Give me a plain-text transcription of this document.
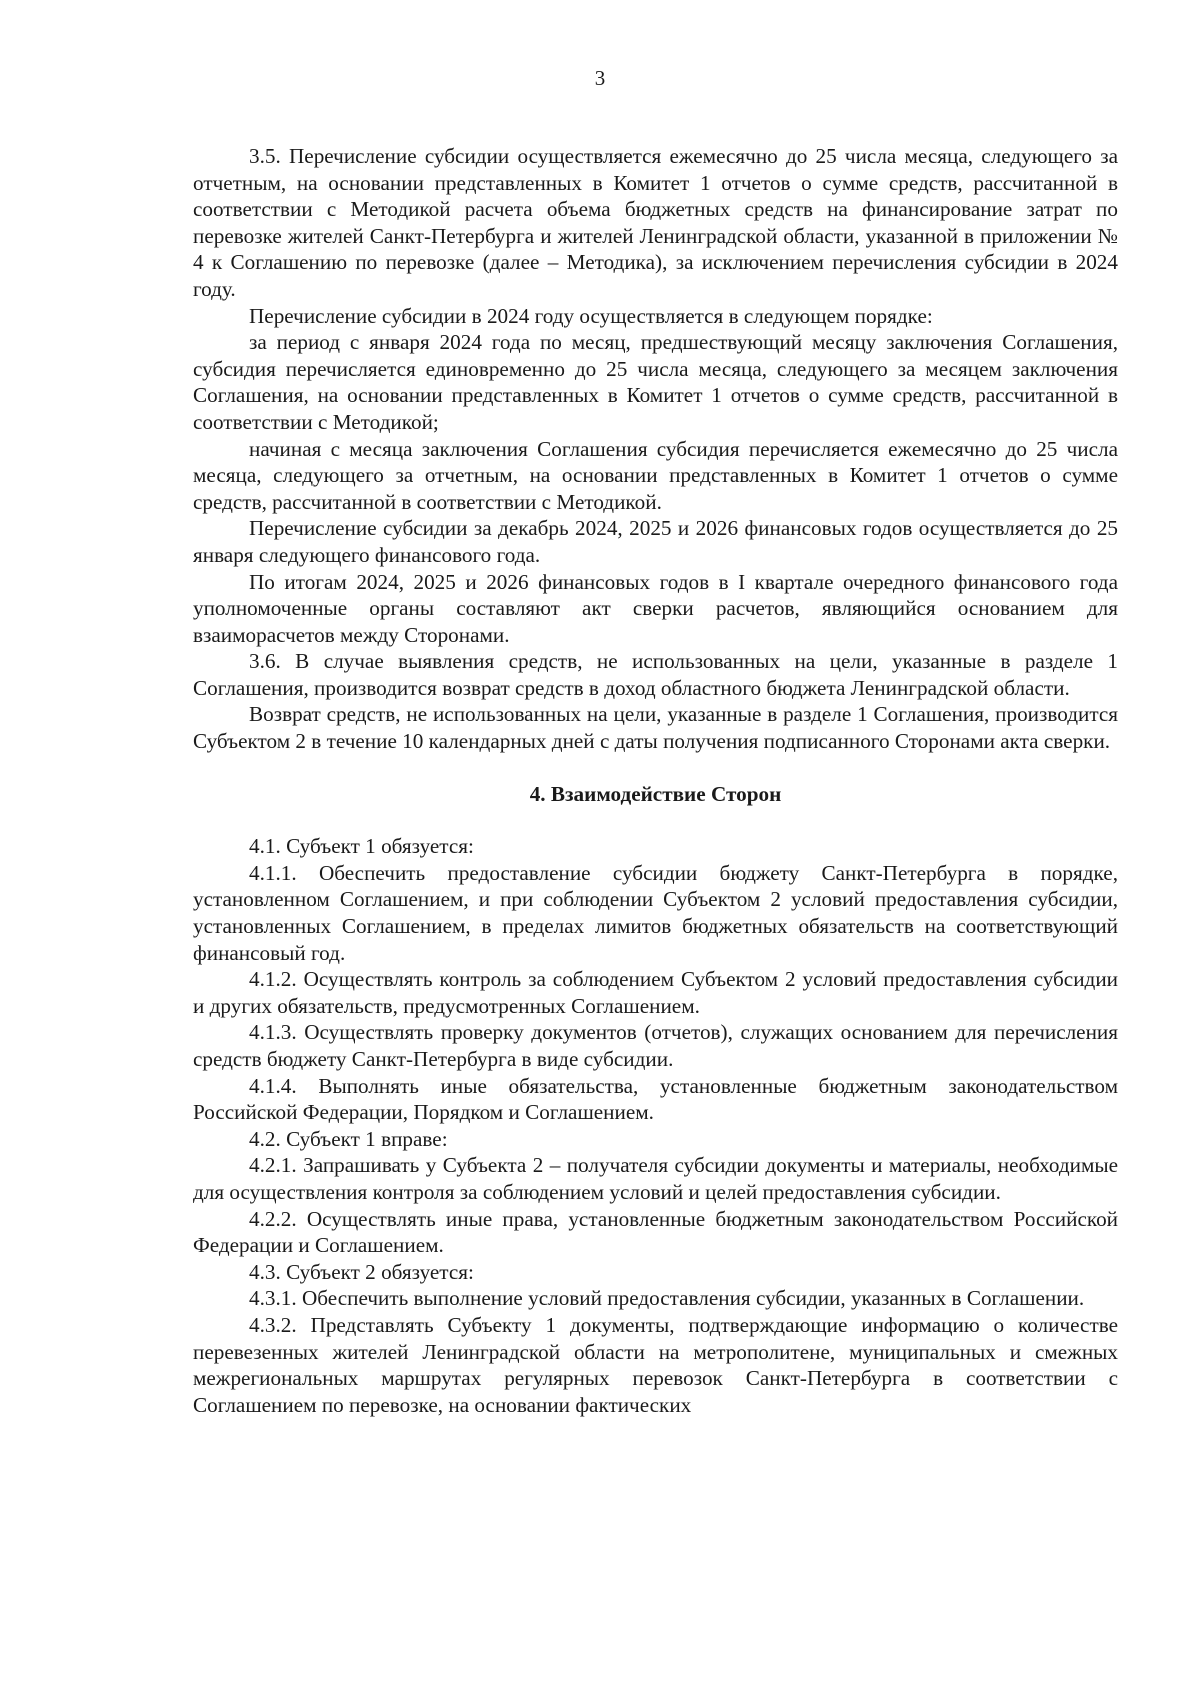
3

3.5. Перечисление субсидии осуществляется ежемесячно до 25 числа месяца, следующего за отчетным, на основании представленных в Комитет 1 отчетов о сумме средств, рассчитанной в соответствии с Методикой расчета объема бюджетных средств на финансирование затрат по перевозке жителей Санкт-Петербурга и жителей Ленинградской области, указанной в приложении № 4 к Соглашению по перевозке (далее – Методика), за исключением перечисления субсидии в 2024 году.

Перечисление субсидии в 2024 году осуществляется в следующем порядке:

за период с января 2024 года по месяц, предшествующий месяцу заключения Соглашения, субсидия перечисляется единовременно до 25 числа месяца, следующего за месяцем заключения Соглашения, на основании представленных в Комитет 1 отчетов о сумме средств, рассчитанной в соответствии с Методикой;

начиная с месяца заключения Соглашения субсидия перечисляется ежемесячно до 25 числа месяца, следующего за отчетным, на основании представленных в Комитет 1 отчетов о сумме средств, рассчитанной в соответствии с Методикой.

Перечисление субсидии за декабрь 2024, 2025 и 2026 финансовых годов осуществляется до 25 января следующего финансового года.

По итогам 2024, 2025 и 2026 финансовых годов в I квартале очередного финансового года уполномоченные органы составляют акт сверки расчетов, являющийся основанием для взаиморасчетов между Сторонами.

3.6. В случае выявления средств, не использованных на цели, указанные в разделе 1 Соглашения, производится возврат средств в доход областного бюджета Ленинградской области.

Возврат средств, не использованных на цели, указанные в разделе 1 Соглашения, производится Субъектом 2 в течение 10 календарных дней с даты получения подписанного Сторонами акта сверки.

4. Взаимодействие Сторон

4.1. Субъект 1 обязуется:

4.1.1. Обеспечить предоставление субсидии бюджету Санкт-Петербурга в порядке, установленном Соглашением, и при соблюдении Субъектом 2 условий предоставления субсидии, установленных Соглашением, в пределах лимитов бюджетных обязательств на соответствующий финансовый год.

4.1.2. Осуществлять контроль за соблюдением Субъектом 2 условий предоставления субсидии и других обязательств, предусмотренных Соглашением.

4.1.3. Осуществлять проверку документов (отчетов), служащих основанием для перечисления средств бюджету Санкт-Петербурга в виде субсидии.

4.1.4. Выполнять иные обязательства, установленные бюджетным законодательством Российской Федерации, Порядком и Соглашением.

4.2. Субъект 1 вправе:

4.2.1. Запрашивать у Субъекта 2 – получателя субсидии документы и материалы, необходимые для осуществления контроля за соблюдением условий и целей предоставления субсидии.

4.2.2. Осуществлять иные права, установленные бюджетным законодательством Российской Федерации и Соглашением.

4.3. Субъект 2 обязуется:

4.3.1. Обеспечить выполнение условий предоставления субсидии, указанных в Соглашении.

4.3.2. Представлять Субъекту 1 документы, подтверждающие информацию о количестве перевезенных жителей Ленинградской области на метрополитене, муниципальных и смежных межрегиональных маршрутах регулярных перевозок Санкт-Петербурга в соответствии с Соглашением по перевозке, на основании фактических
